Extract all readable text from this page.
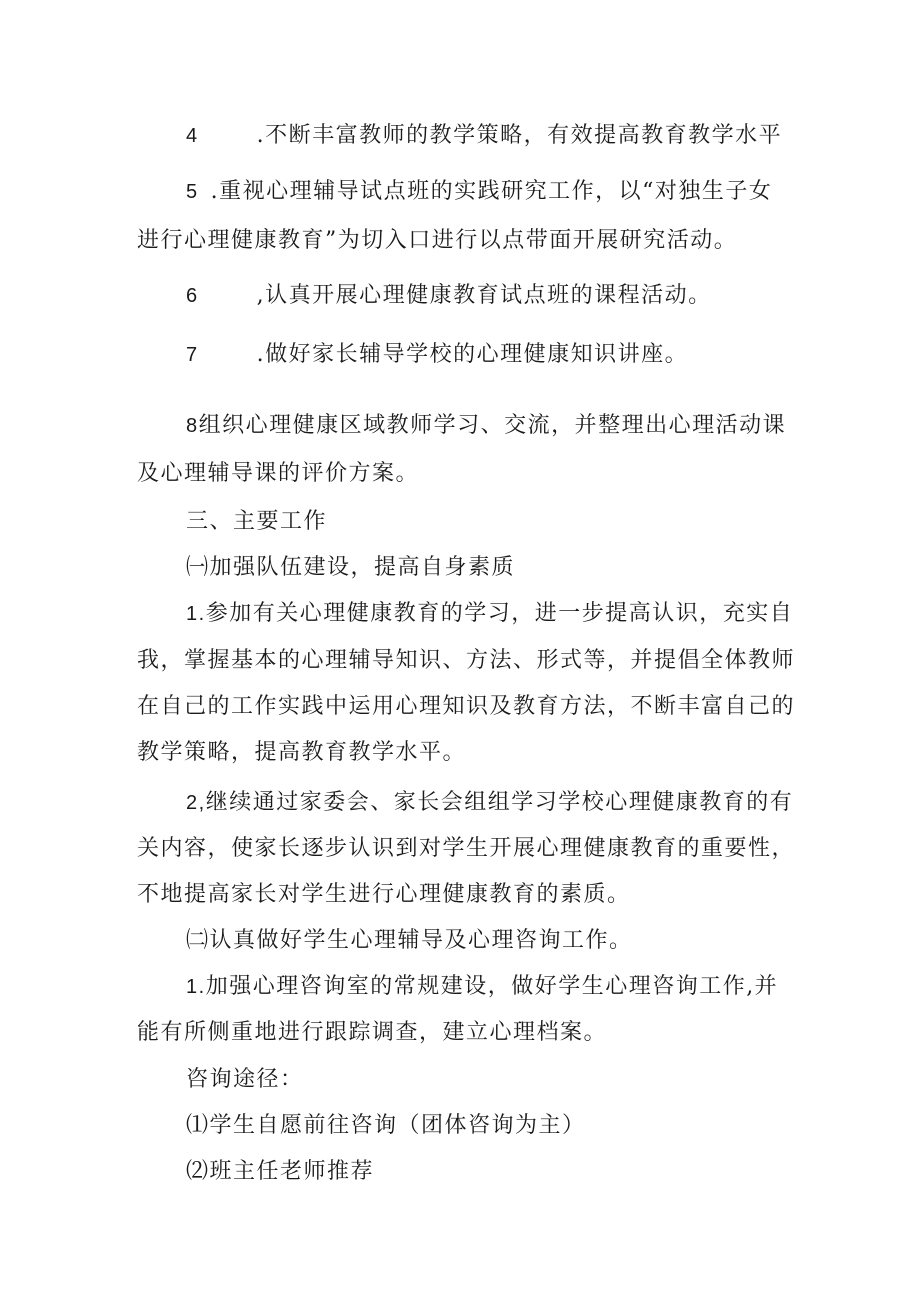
4	.不断丰富教师的教学策略，有效提高教育教学水平
5 .重视心理辅导试点班的实践研究工作，以“对独生子女
进行心理健康教育”为切入口进行以点带面开展研究活动。
6	,认真开展心理健康教育试点班的课程活动。
7	.做好家长辅导学校的心理健康知识讲座。
8组织心理健康区域教师学习、交流，并整理出心理活动课
及心理辅导课的评价方案。
三、主要工作
㈠加强队伍建设，提高自身素质
1.参加有关心理健康教育的学习，进一步提高认识，充实自
我，掌握基本的心理辅导知识、方法、形式等，并提倡全体教师
在自己的工作实践中运用心理知识及教育方法，不断丰富自己的
教学策略，提高教育教学水平。
2,继续通过家委会、家长会组组学习学校心理健康教育的有
关内容，使家长逐步认识到对学生开展心理健康教育的重要性，
不地提高家长对学生进行心理健康教育的素质。
㈡认真做好学生心理辅导及心理咨询工作。
1.加强心理咨询室的常规建设，做好学生心理咨询工作,并
能有所侧重地进行跟踪调查，建立心理档案。
咨询途径：
⑴学生自愿前往咨询（团体咨询为主）
⑵班主任老师推荐
